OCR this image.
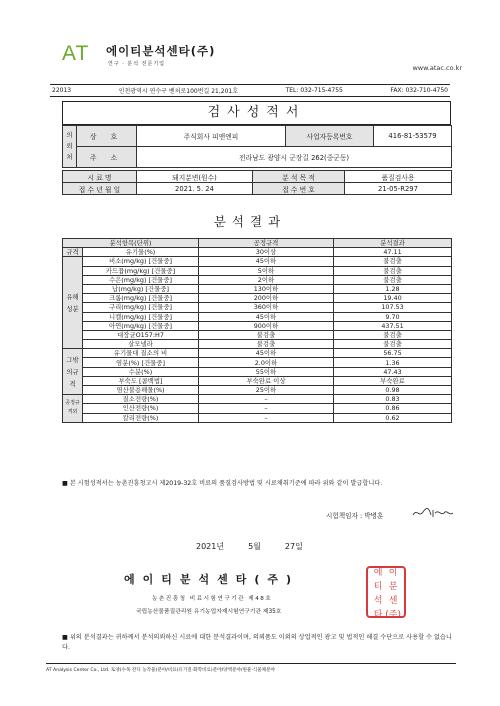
AT 에이티분석센타(주)
연구 · 분석 전문기업	www.atac.co.kr
22013	인천광역시 연수구 벤처로100번길 21,201호	TEL: 032-715-4755	FAX: 032-710-4750
검사성적서
의뢰처	상 호	주식회사 피앤엔피	사업자등록번호	416-81-53579
	주 소	전라남도 광양시 군장길 262(중군동)		
시 료 명	돼지분변(원수)	분 석 목 적	품질검사용
접 수 년 월 일	2021. 5. 24	접 수 번 호	21-05-R297
분석결과
분석항목(단위)		공정규격	분석결과
규격	유기물(%)	30이상	47.11
유해성분	비소(mg/kg) [건물중]	45이하	불검출
	카드뮴(mg/kg) [건물중]	5이하	불검출
	수은(mg/kg) [건물중]	2이하	불검출
	납(mg/kg) [건물중]	130이하	1.28
	크롬(mg/kg) [건물중]	200이하	19.40
	구리(mg/kg) [건물중]	360이하	107.53
	니켈(mg/kg) [건물중]	45이하	9.70
	아연(mg/kg) [건물중]	900이하	437.51
	대장균O157:H7	불검출	불검출
	살모넬라	불검출	불검출
그밖의규격	유기물대 질소의 비	45이하	56.75
	염분(%) [건물중]	2.0이하	1.36
	수분(%)	55이하	47.43
	부숙도 [콤백법]	부숙완료 이상	부숙완료
	염산불용해물(%)	25이하	0.98
공정규격외	질소전량(%)	–	0.83
	인산전량(%)	–	0.86
	칼리전량(%)	–	0.62
■ 본 시험성적서는 농촌진흥청고시 제2019-32호 비료의 품질검사방법 및 시료채취기준에 따라 위와 같이 발급합니다.
시험책임자 : 박병훈
2021년	5월	27일
에이티분석센타(주)
농촌진흥청 비료시험연구기관 제48호
국립농산물품질관리원 유기농업자재시험연구기관 제35호
에 이
티 분
석 센
타 (주)
■ 위의 분석결과는 귀하께서 분석의뢰하신 시료에 대한 분석결과이며, 의뢰품도 이외의 상업적인 광고 및 법적인 해결 수단으로 사용할 수 없습니다.
AT Analysis Center Co., Ltd. 토양(수목 잔디 농작물)분야/비료(유기질·화학비료)분야/양액분야/원물·식물체분야
